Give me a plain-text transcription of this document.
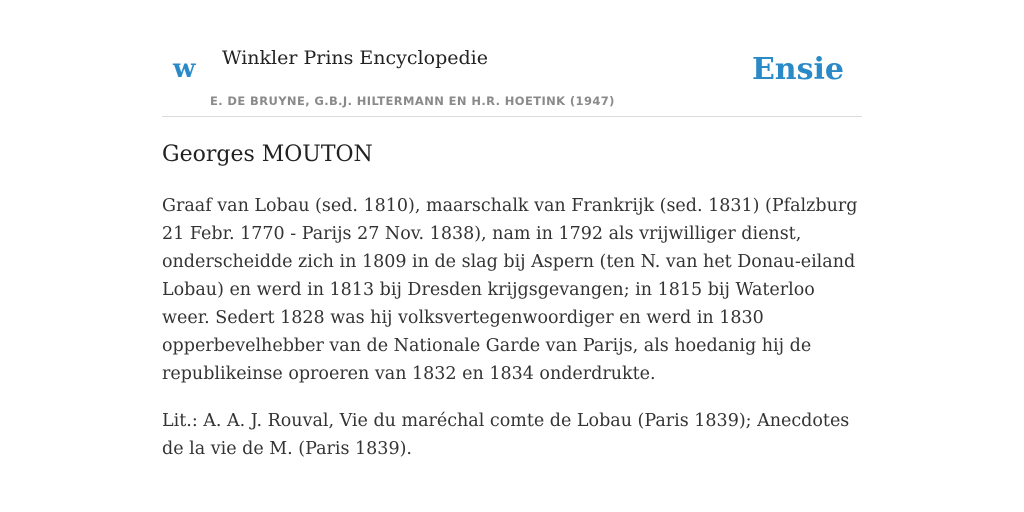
w Winkler Prins Encyclopedie
E. DE BRUYNE, G.B.J. HILTERMANN EN H.R. HOETINK (1947)
Ensie
Georges MOUTON

Graaf van Lobau (sed. 1810), maarschalk van Frankrijk (sed. 1831) (Pfalzburg 21 Febr. 1770 - Parijs 27 Nov. 1838), nam in 1792 als vrijwilliger dienst, onderscheidde zich in 1809 in de slag bij Aspern (ten N. van het Donau-eiland Lobau) en werd in 1813 bij Dresden krijgsgevangen; in 1815 bij Waterloo weer. Sedert 1828 was hij volksvertegenwoordiger en werd in 1830 opperbevelhebber van de Nationale Garde van Parijs, als hoedanig hij de republikeinse oproeren van 1832 en 1834 onderdrukte.

Lit.: A. A. J. Rouval, Vie du maréchal comte de Lobau (Paris 1839); Anecdotes de la vie de M. (Paris 1839).
